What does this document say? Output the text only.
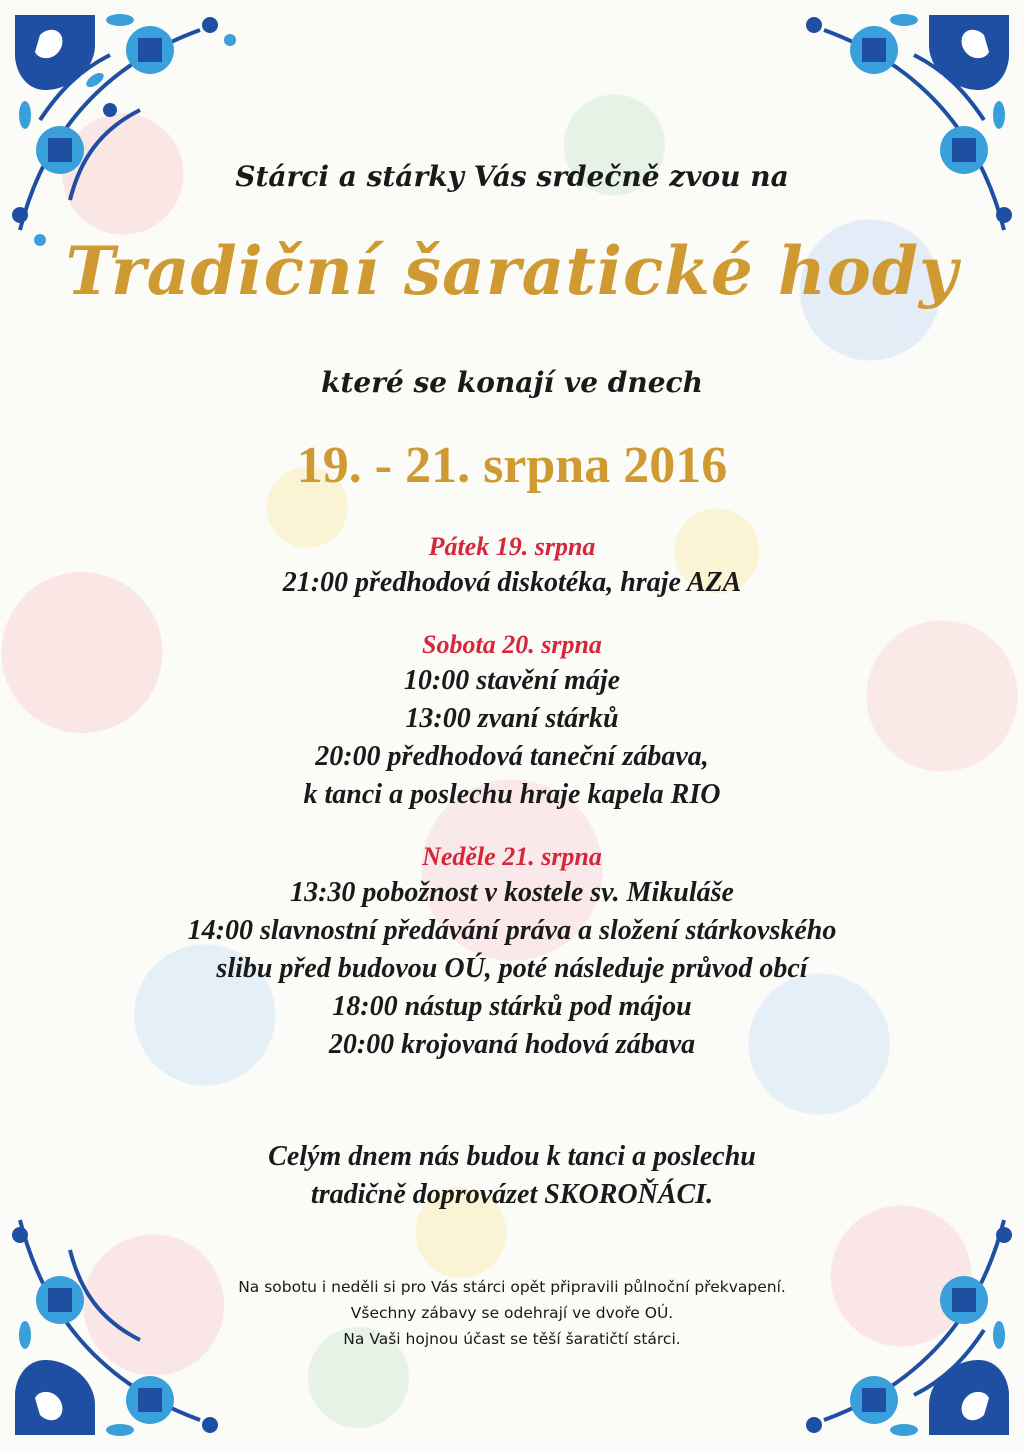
Stárci a stárky Vás srdečně zvou na
Tradiční šaratické hody
které se konají ve dnech
19. - 21. srpna 2016
Pátek 19. srpna
21:00 předhodová diskotéka, hraje AZA
Sobota 20. srpna
10:00 stavění máje
13:00 zvaní stárků
20:00 předhodová taneční zábava,
k tanci a poslechu hraje kapela RIO
Neděle 21. srpna
13:30 pobožnost v kostele sv. Mikuláše
14:00 slavnostní předávání práva a složení stárkovského
slibu před budovou OÚ, poté následuje průvod obcí
18:00 nástup stárků pod májou
20:00 krojovaná hodová zábava
Celým dnem nás budou k tanci a poslechu
tradičně doprovázet SKOROŇÁCI.
Na sobotu i neděli si pro Vás stárci opět připravili půlnoční překvapení.
Všechny zábavy se odehrají ve dvoře OÚ.
Na Vaši hojnou účast se těší šaratičtí stárci.
